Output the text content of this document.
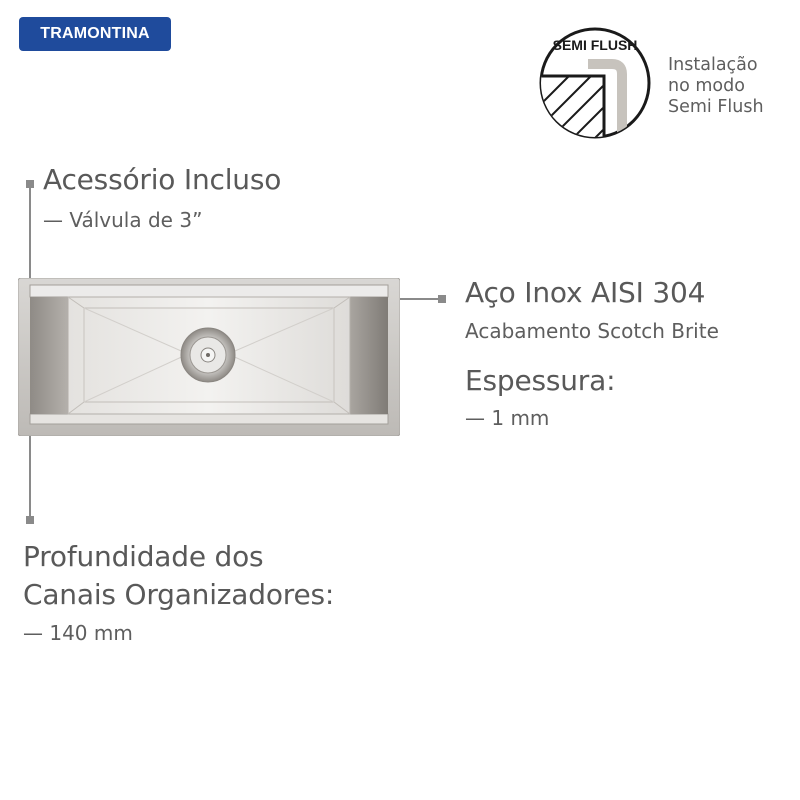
TRAMONTINA
SEMI FLUSH
Instalação
no modo
Semi Flush
Acessório Incluso
— Válvula de 3”
Aço Inox AISI 304
Acabamento Scotch Brite
Espessura:
— 1 mm
Profundidade dos
Canais Organizadores:
— 140 mm
